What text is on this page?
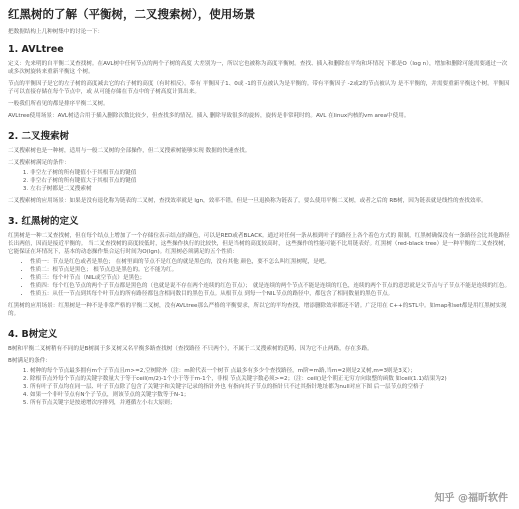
红黑树的了解（平衡树，二叉搜索树），使用场景

把数据结构上几种树集中的讨论一下：

1. AVLtree

定义：先来明的自平衡二叉查找树。在AVL树中任何节点的两个子树的高度 大差别为一，所以它也被称为高度平衡树。查找、插入和删除在平均和坏情况 下都是O（log n），增加和删除可能需要通过一次或多次树旋转来重新平衡这 个树。

节点的平衡因子是它的左子树的高度减去它的右子树的高度（有时相反）。带有 平衡因子1、0或 -1的节点被认为是平衡的。带有平衡因子 -2或2的节点被认为 是不平衡的，并需要重新平衡这个树。平衡因子可以直接存储在每个节点中，或 从可能存储在节点中的子树高度计算出来。

一般我们所看见的都是排序平衡二叉树。

AVLtree使用场景：AVL树适合用于插入删除次数比较少，但查找多的情况。插入 删除导致很多的旋转，旋转是非常耗时的。AVL 在linux内核的vm area中使用。

2. 二叉搜索树

二叉搜索树也是一种树，适用与一般二叉树的全部操作，但二叉搜索树能够实现 数据的快速查找。

二叉搜索树满足的条件：

1. 非空左子树的所有键值小于其根节点的键值
2. 非空右子树的所有键值大于其根节点的键值
3. 左右子树都是二叉搜索树

二叉搜索树的应用场景：如果是没有退化称为链表的二叉树，查找效率就是 lgn，效率不错，但是一旦退换称为链表了，要么使用平衡二叉树，或者之后的 RB树，因为链表就是线性的查找效率。

3. 红黑树的定义

红黑树是一种二叉查找树，但在每个结点上增加了一个存储位表示结点的颜色，可以是RED或者BLACK。通过对任何一条从根到叶子的路径上各个着色方式的 限制，红黑树确保没有一条路径会比其他路径长出两倍，因而是接近平衡的。 当二叉查找树的高度较低时，这些操作执行的比较快，但是当树的高度较高时， 这些操作的性能可能不比用链表好。红黑树（red-black tree）是一种平衡的二叉查找树，它能保证在坏情况下，基本的动态操作集合运行时间为O(lgn)。红黑树必须满足的五个性质：

• 性质一：节点是红色或者是黑色； 在树里面的节点不是红色的就是黑色的，没有其他 颜色，要不怎么叫红黑树呢，是吧。
• 性质二：根节点是黑色； 根节点总是黑色的。它不能为红。
• 性质三：每个叶节点（NIL或空节点）是黑色；
• 性质四：每个红色节点的两个子节点都是黑色的（也就是说不存在两个连续的红色节点）； 就是连续的两个节点不能是连续的红色，连续的两个节点的意思就是父节点与子节点不能是连续的红色。
• 性质五：从任一节点到其每个叶节点的所有路径都包含相同数目的黑色节点。从根节点 到每一个NIL节点的路径中，都包含了相同数量的黑色节点。

红黑树的应用场景：红黑树是一种不是非常严格的平衡二叉树，没有AVLtree那么严格的平衡要求，所以它的平均查找，增添删除效率都还不错。广泛用在 C++的STL中。如map和set都是用红黑树实现的。

4. B树定义

B树和平衡二叉树稍有不同的是B树属于多叉树又名平衡多路查找树（查找路径 不只两个），不属于二叉搜索树的范畴，因为它不止两路，存在多路。

B树满足的条件：

1. 树种的每个节点最多拥有m个子节点且m>=2,空树除外（注：m阶代表一个树节 点最多有多少个查找路径，m阶=m路,当m=2则是2叉树,m=3则是3叉）；
2. 除根节点外每个节点的关键字数量大于等于ceil(m/2)-1个小于等于m-1个，非根 节点关键字数必须>=2；（注：ceil()是个朝正无穷方向取整的函数 如ceil(1.1)结果为2)
3. 所有叶子节点均在同一层、叶子节点除了包含了关键字和关键字记录的指针外也 有指向其子节点的指针只不过其指针地址都为null对应下图 后一层节点的空格子
4. 如果一个非叶节点有N个子节点，则该节点的关键字数等于N-1；
5. 所有节点关键字是按递增次序排列，并遵循左小右大原则；
知乎 @福昕软件
